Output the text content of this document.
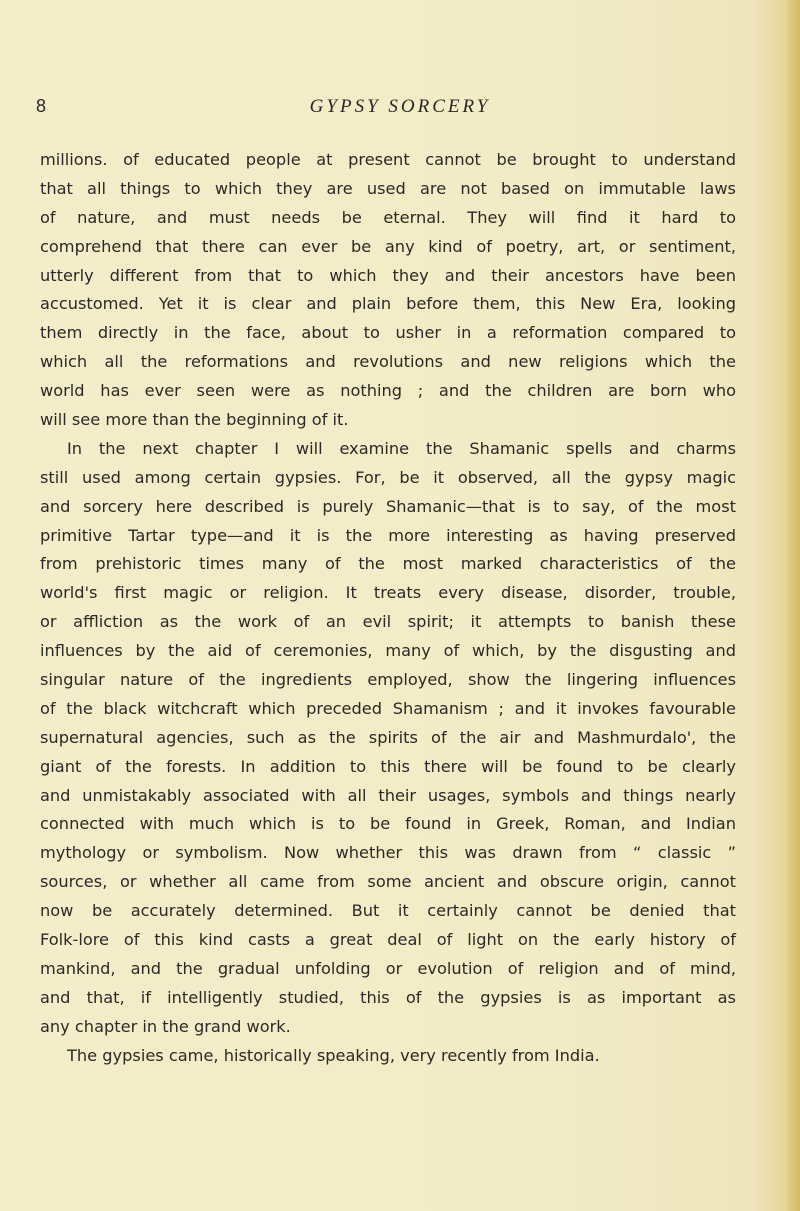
8	GYPSY SORCERY
millions. of educated people at present cannot be brought to understand
that all things to which they are used are not based on immutable laws
of nature, and must needs be eternal. They will find it hard to
comprehend that there can ever be any kind of poetry, art, or sentiment,
utterly different from that to which they and their ancestors have been
accustomed. Yet it is clear and plain before them, this New Era, looking
them directly in the face, about to usher in a reformation compared to
which all the reformations and revolutions and new religions which the
world has ever seen were as nothing ; and the children are born who
will see more than the beginning of it.
In the next chapter I will examine the Shamanic spells and charms
still used among certain gypsies. For, be it observed, all the gypsy magic
and sorcery here described is purely Shamanic—that is to say, of the most
primitive Tartar type—and it is the more interesting as having preserved
from prehistoric times many of the most marked characteristics of the
world's first magic or religion. It treats every disease, disorder, trouble,
or affliction as the work of an evil spirit; it attempts to banish these
influences by the aid of ceremonies, many of which, by the disgusting and
singular nature of the ingredients employed, show the lingering influences
of the black witchcraft which preceded Shamanism ; and it invokes favourable
supernatural agencies, such as the spirits of the air and Mashmurdalo', the
giant of the forests. In addition to this there will be found to be clearly
and unmistakably associated with all their usages, symbols and things nearly
connected with much which is to be found in Greek, Roman, and Indian
mythology or symbolism. Now whether this was drawn from “ classic ”
sources, or whether all came from some ancient and obscure origin, cannot
now be accurately determined. But it certainly cannot be denied that
Folk-lore of this kind casts a great deal of light on the early history of
mankind, and the gradual unfolding or evolution of religion and of mind,
and that, if intelligently studied, this of the gypsies is as important as
any chapter in the grand work.
The gypsies came, historically speaking, very recently from India.
